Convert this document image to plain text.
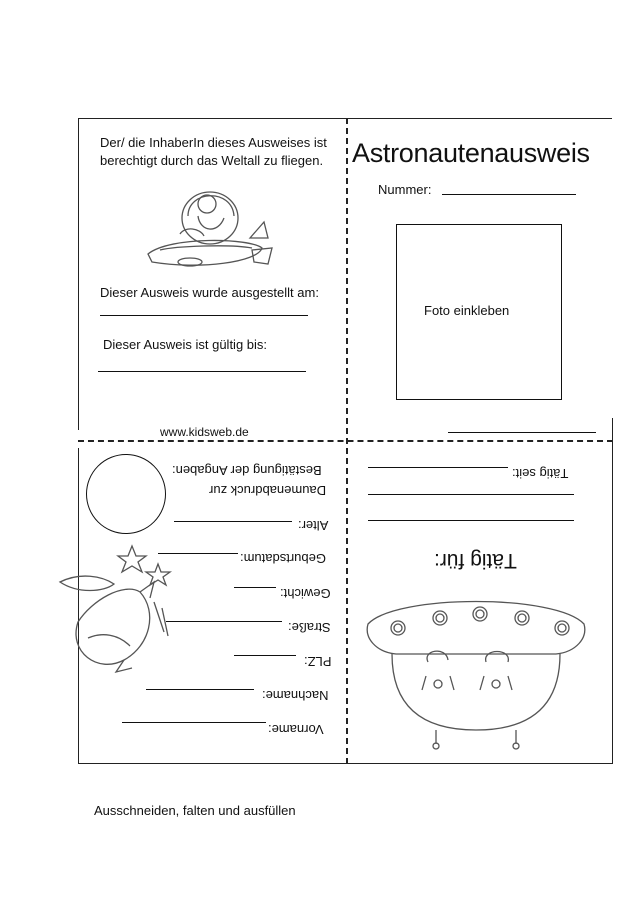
Der/ die InhaberIn dieses Ausweises ist
berechtigt durch das Weltall zu fliegen.
Dieser Ausweis wurde ausgestellt am:
Dieser Ausweis ist gültig bis:
www.kidsweb.de
Astronautenausweis
Nummer:
Foto einkleben
Bestätigung der Angaben:
Daumenabdruck zur
Alter:
Geburtsdatum:
Gewicht:
Straße:
PLZ:
Nachname:
Vorname:
Tätig seit:
Tätig für:
Ausschneiden, falten und ausfüllen
